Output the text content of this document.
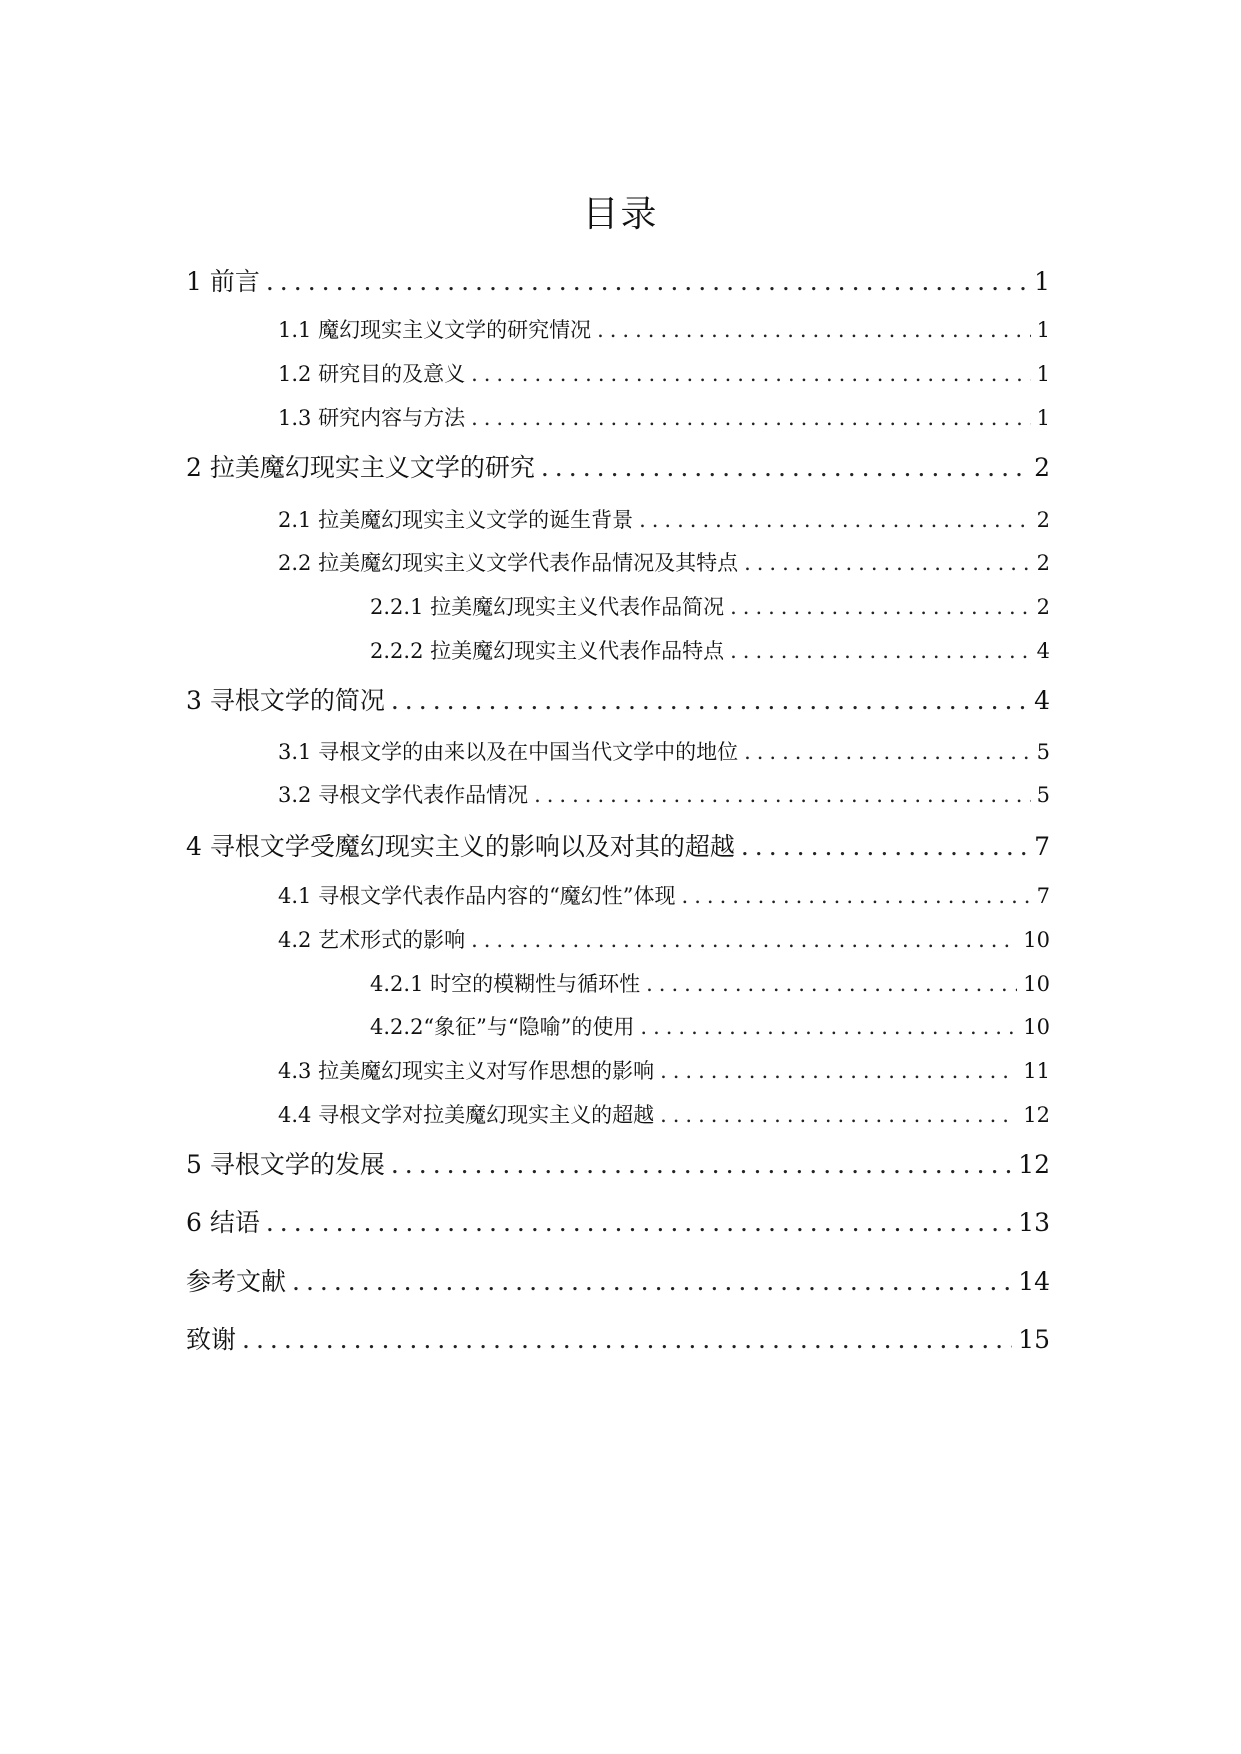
目录
1 前言 .....	1
1.1 魔幻现实主义文学的研究情况 .....	1
1.2 研究目的及意义 .....	1
1.3 研究内容与方法 .....	1
2 拉美魔幻现实主义文学的研究 .....	2
2.1 拉美魔幻现实主义文学的诞生背景 .....	2
2.2 拉美魔幻现实主义文学代表作品情况及其特点 .....	2
2.2.1 拉美魔幻现实主义代表作品简况 .....	2
2.2.2 拉美魔幻现实主义代表作品特点 .....	4
3 寻根文学的简况 .....	4
3.1 寻根文学的由来以及在中国当代文学中的地位 .....	5
3.2 寻根文学代表作品情况 .....	5
4 寻根文学受魔幻现实主义的影响以及对其的超越 .....	7
4.1 寻根文学代表作品内容的“魔幻性”体现 .....	7
4.2 艺术形式的影响 .....	10
4.2.1 时空的模糊性与循环性 .....	10
4.2.2“象征”与“隐喻”的使用 .....	10
4.3 拉美魔幻现实主义对写作思想的影响 .....	11
4.4 寻根文学对拉美魔幻现实主义的超越 .....	12
5 寻根文学的发展 .....	12
6 结语 .....	13
参考文献 .....	14
致谢 .....	15
